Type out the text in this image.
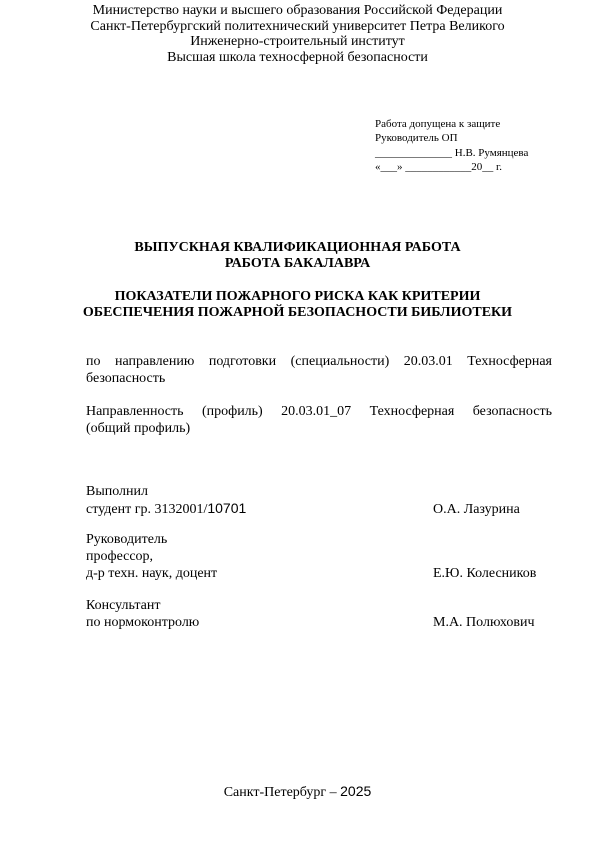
Министерство науки и высшего образования Российской Федерации
Санкт-Петербургский политехнический университет Петра Великого
Инженерно-строительный институт
Высшая школа техносферной безопасности
Работа допущена к защите
Руководитель ОП
______________ Н.В. Румянцева
«___» ____________20__ г.
ВЫПУСКНАЯ КВАЛИФИКАЦИОННАЯ РАБОТА
РАБОТА БАКАЛАВРА
ПОКАЗАТЕЛИ ПОЖАРНОГО РИСКА КАК КРИТЕРИИ
ОБЕСПЕЧЕНИЯ ПОЖАРНОЙ БЕЗОПАСНОСТИ БИБЛИОТЕКИ
по направлению подготовки (специальности) 20.03.01 Техносферная
безопасность
Направленность (профиль) 20.03.01_07 Техносферная безопасность
(общий профиль)
Выполнил
студент гр. 3132001/10701	О.А. Лазурина
Руководитель
профессор,
д-р техн. наук, доцент	Е.Ю. Колесников
Консультант
по нормоконтролю	М.А. Полюхович
Санкт-Петербург – 2025
